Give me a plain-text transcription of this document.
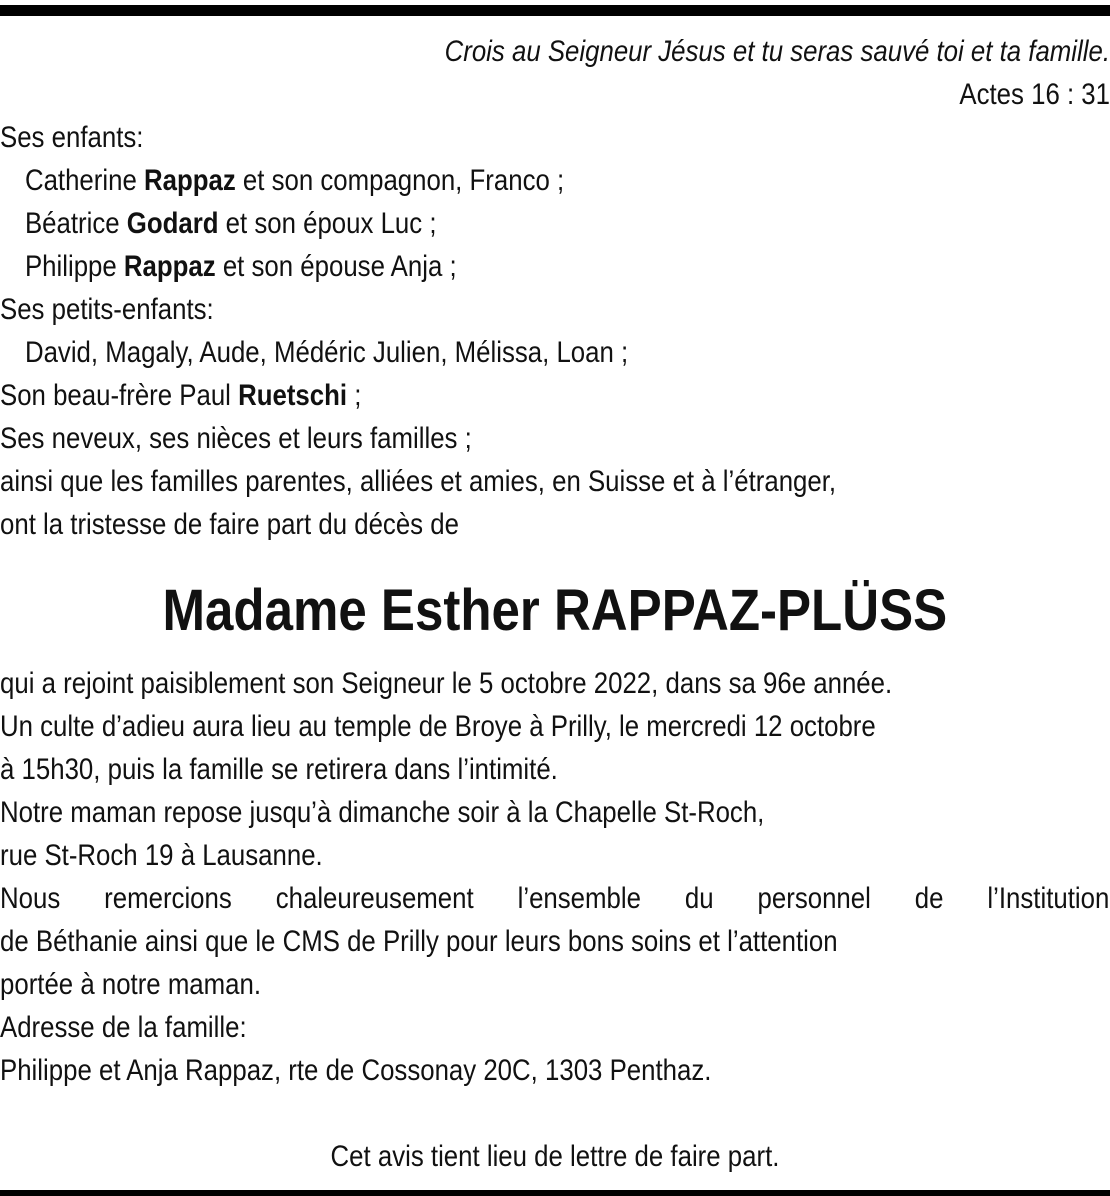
Crois au Seigneur Jésus et tu seras sauvé toi et ta famille.
Actes 16 : 31
Ses enfants:
Catherine Rappaz et son compagnon, Franco ;
Béatrice Godard et son époux Luc ;
Philippe Rappaz et son épouse Anja ;
Ses petits-enfants:
David, Magaly, Aude, Médéric Julien, Mélissa, Loan ;
Son beau-frère Paul Ruetschi ;
Ses neveux, ses nièces et leurs familles ;
ainsi que les familles parentes, alliées et amies, en Suisse et à l’étranger,
ont la tristesse de faire part du décès de
Madame Esther RAPPAZ-PLÜSS
qui a rejoint paisiblement son Seigneur le 5 octobre 2022, dans sa 96e année.
Un culte d’adieu aura lieu au temple de Broye à Prilly, le mercredi 12 octobre
à 15h30, puis la famille se retirera dans l’intimité.
Notre maman repose jusqu’à dimanche soir à la Chapelle St-Roch,
rue St-Roch 19 à Lausanne.
Nous remercions chaleureusement l’ensemble du personnel de l’Institution
de Béthanie ainsi que le CMS de Prilly pour leurs bons soins et l’attention
portée à notre maman.
Adresse de la famille:
Philippe et Anja Rappaz, rte de Cossonay 20C, 1303 Penthaz.
Cet avis tient lieu de lettre de faire part.
